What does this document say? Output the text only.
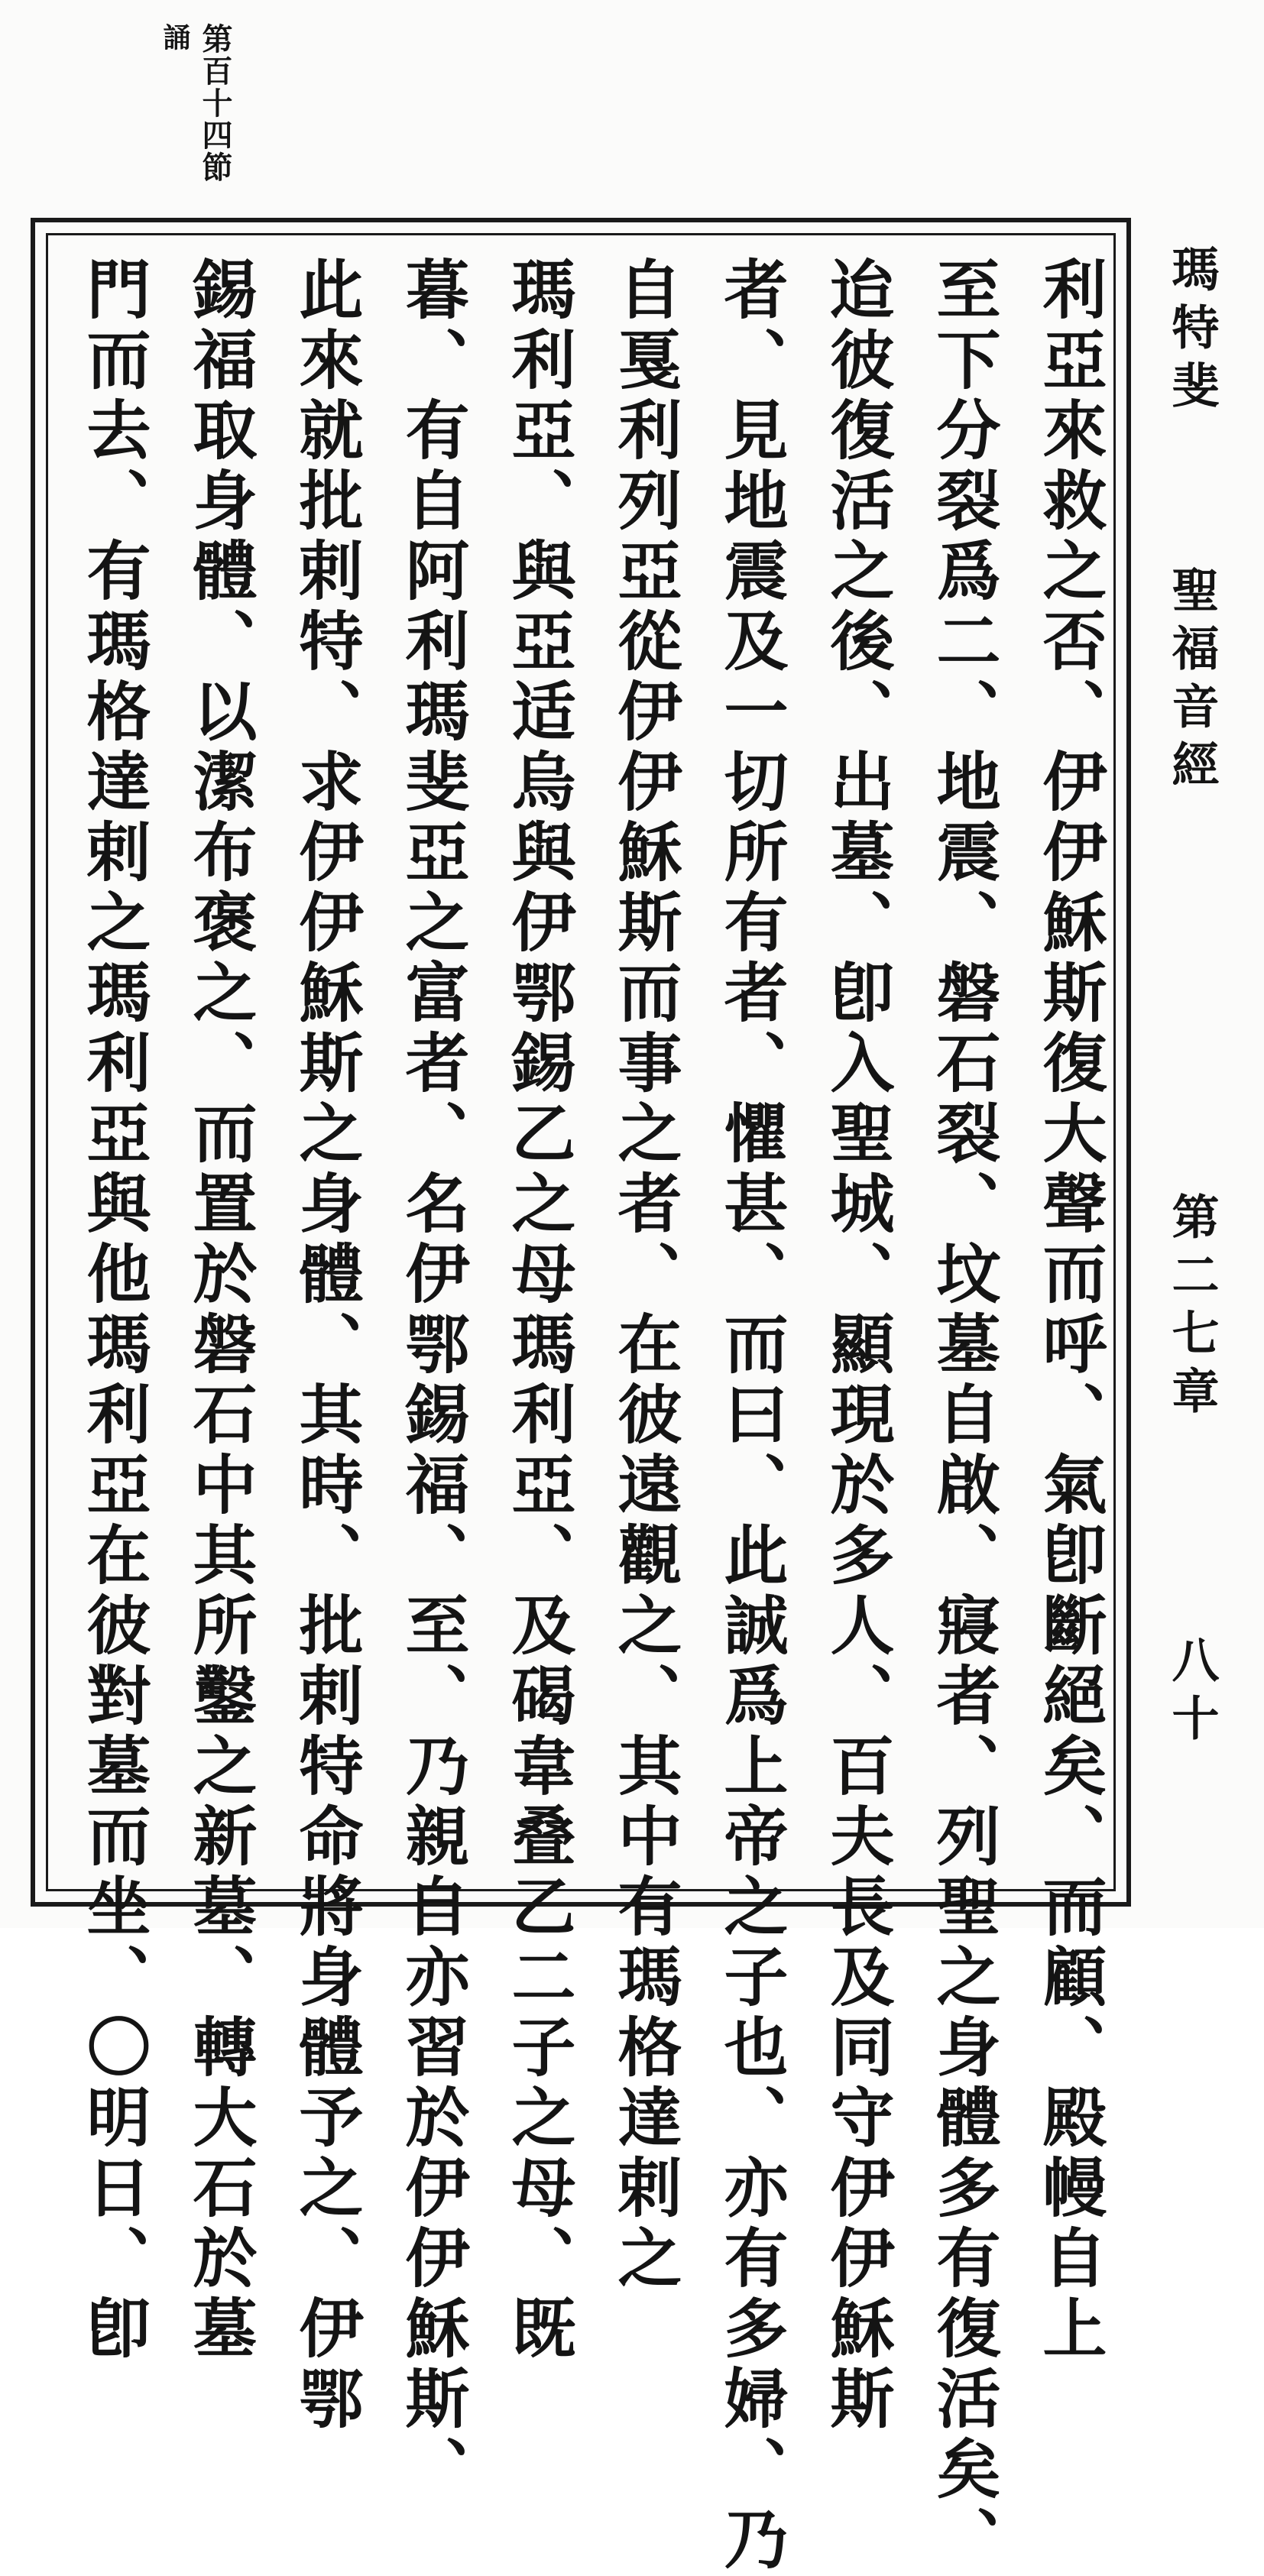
第百十四節
誦
瑪特斐
聖福音經
第二七章
八十
利亞來救之否、伊伊穌斯復大聲而呼、氣卽斷絕矣、而顧、殿幔自上
至下分裂爲二、地震、磐石裂、坟墓自啟、寢者、列聖之身體多有復活矣、
迨彼復活之後、出墓、卽入聖城、顯現於多人、百夫長及同守伊伊穌斯
者、見地震及一切所有者、懼甚、而曰、此誠爲上帝之子也、亦有多婦、乃
自戛利列亞從伊伊穌斯而事之者、在彼遠觀之、其中有瑪格達剌之
瑪利亞、與亞适烏與伊鄂錫乙之母瑪利亞、及碣韋叠乙二子之母、既
暮、有自阿利瑪斐亞之富者、名伊鄂錫福、至、乃親自亦習於伊伊穌斯、
此來就批剌特、求伊伊穌斯之身體、其時、批剌特命將身體予之、伊鄂
錫福取身體、以潔布褒之、而置於磐石中其所鑿之新墓、轉大石於墓
門而去、有瑪格達剌之瑪利亞與他瑪利亞在彼對墓而坐、〇明日、卽
